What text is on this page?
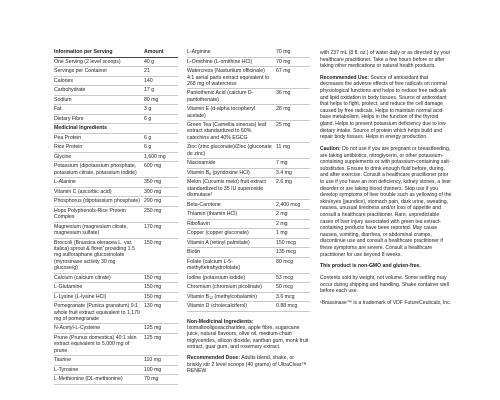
Information per Serving	Amount
One Serving (2 level scoops)	40 g
Servings per Container	21
Calories	140
Carbohydrate	17 g
Sodium	80 mg
Fat	3 g
Dietary Fibre	6 g
Medicinal Ingredients
Pea Protein	6 g
Rice Protein	6 g
Glycine	1,600 mg
Potassium (dipotassium phosphate, potassium citrate, potassium iodide)
600 mg
L-Alanine	350 mg
Vitamin C (ascorbic acid)	300 mg
Phosphorus (dipotassium phosphate) 290 mg
Hops Polyphenols-Rice Protein Complex
250 mg
Magnesium (magnesium citrate, magnesium sulfate)
170 mg
Broccoli (Brassica oleracea L. var. italica) sprout & floret' providing 1.5 mg sulforaphane glucosinolate (myrosinase activity 30 mg glucose/g)
150 mg
Calcium (calcium citrate)	150 mg
L-Glutamine	150 mg
L-Lysine (L-lysine HCl)	150 mg
Pomegranate (Punica granatum) 9:1 whole fruit extract equivalent to 1,170 mg of pomegranate
130 mg
N-Acetyl-L-Cysteine	125 mg
Prune (Prunus domestica) 40:1 skin extract equivalent to 5,000 mg of prune
125 mg
Taurine	110 mg
L-Tyrosine	100 mg
L-Methionine (DL-methionine)	70 mg
L-Arginine	70 mg
L-Ornithine (L-ornithine HCl)	70 mg
Watercress (Nasturtium officinale) 4:1 aerial parts extract equivalent to 268 mg of watercress
67 mg
Pantothenic Acid (calcium D-pantothenate)
36 mg
Vitamin E (d-alpha tocopheryl acetate)
28 mg
Green Tea (Camellia sinensis) leaf extract standardized to 60% catechins and 40% EGCG
25 mg
Zinc (zinc gluconate)/Zinc (gluconate de zinc)
11 mg
Niacinamide	7 mg
Vitamin $B_6$ (pyridoxine HCl)	3.4 mg
Melon (Cucumis melo) fruit extract standardized to 35 IU superoxide dismutase²
2.6 mg
Beta-Carotene	2,400 mcg
Thiamin (thiamin HCl)	2 mg
Riboflavin	2 mg
Copper (copper gluconate)	1 mg
Vitamin A (retinyl palmitate)	150 mcg
Biotin	135 mcg
Folate (calcium L-5-methyltetrahydrofolate)
80 mcg
Iodine (potassium iodide)	53 mcg
Chromium (chromium picolinate)	50 mcg
Vitamin $B_{12}$ (methylcobalamin)	3.6 mcg
Vitamin D (cholecalciferol)	0.88 mcg

Non-Medicinal Ingredients:
Isomaltooligosaccharides, apple fibre, sugarcane juice, natural flavours, olive oil, medium-chain triglycerides, silicon dioxide, xanthan gum, monk fruit extract, guar gum, and rosemary extract.

Recommended Dose: Adults blend, shake, or briskly stir 2 level scoops (40 grams) of UltraClear™ RENEW

with 237 mL (8 fl. oz.) of water daily or as directed by your healthcare practitioner. Take a few hours before or after taking other medications or natural health products.

Recommended Use: Source of antioxidant that decreases the adverse effects of free radicals on normal physiological functions and helps to reduce free radicals and lipid oxidation in body tissues. Source of antioxidant that helps to fight, protect, and reduce the cell damage caused by free radicals. Helps to maintain normal acid-base metabolism. Helps in the function of the thyroid gland. Helps to prevent potassium deficiency due to low dietary intake. Source of protein which helps build and repair body tissues. Helps in energy production.

Caution: Do not use if you are pregnant or breastfeeding, are taking antibiotics, nitroglycerin, or other potassium-containing supplements or with potassium-containing salt-substitutes. Ensure to drink enough fluid before, during, and after exercise. Consult a healthcare practitioner prior to use if you have an iron deficiency, kidney stones, a liver disorder or are taking blood thinners. Stop use if you develop symptoms of liver trouble such as yellowing of the skin/eyes (jaundice), stomach pain, dark urine, sweating, nausea, unusual tiredness and/or loss of appetite and consult a healthcare practitioner. Rare, unpredictable cases of liver injury associated with green tea extract-containing products have been reported. May cause nausea, vomiting, diarrhea, or abdominal cramps, discontinue use and consult a healthcare practitioner if these symptoms are severe. Consult a healthcare practitioner for use beyond 8 weeks.

This product is non-GMO and gluten-free.

Contents sold by weight, not volume. Some settling may occur during shipping and handling. Shake container well before each use.

¹Brassinase™ is a trademark of VDF FutureCeuticals, Inc.
